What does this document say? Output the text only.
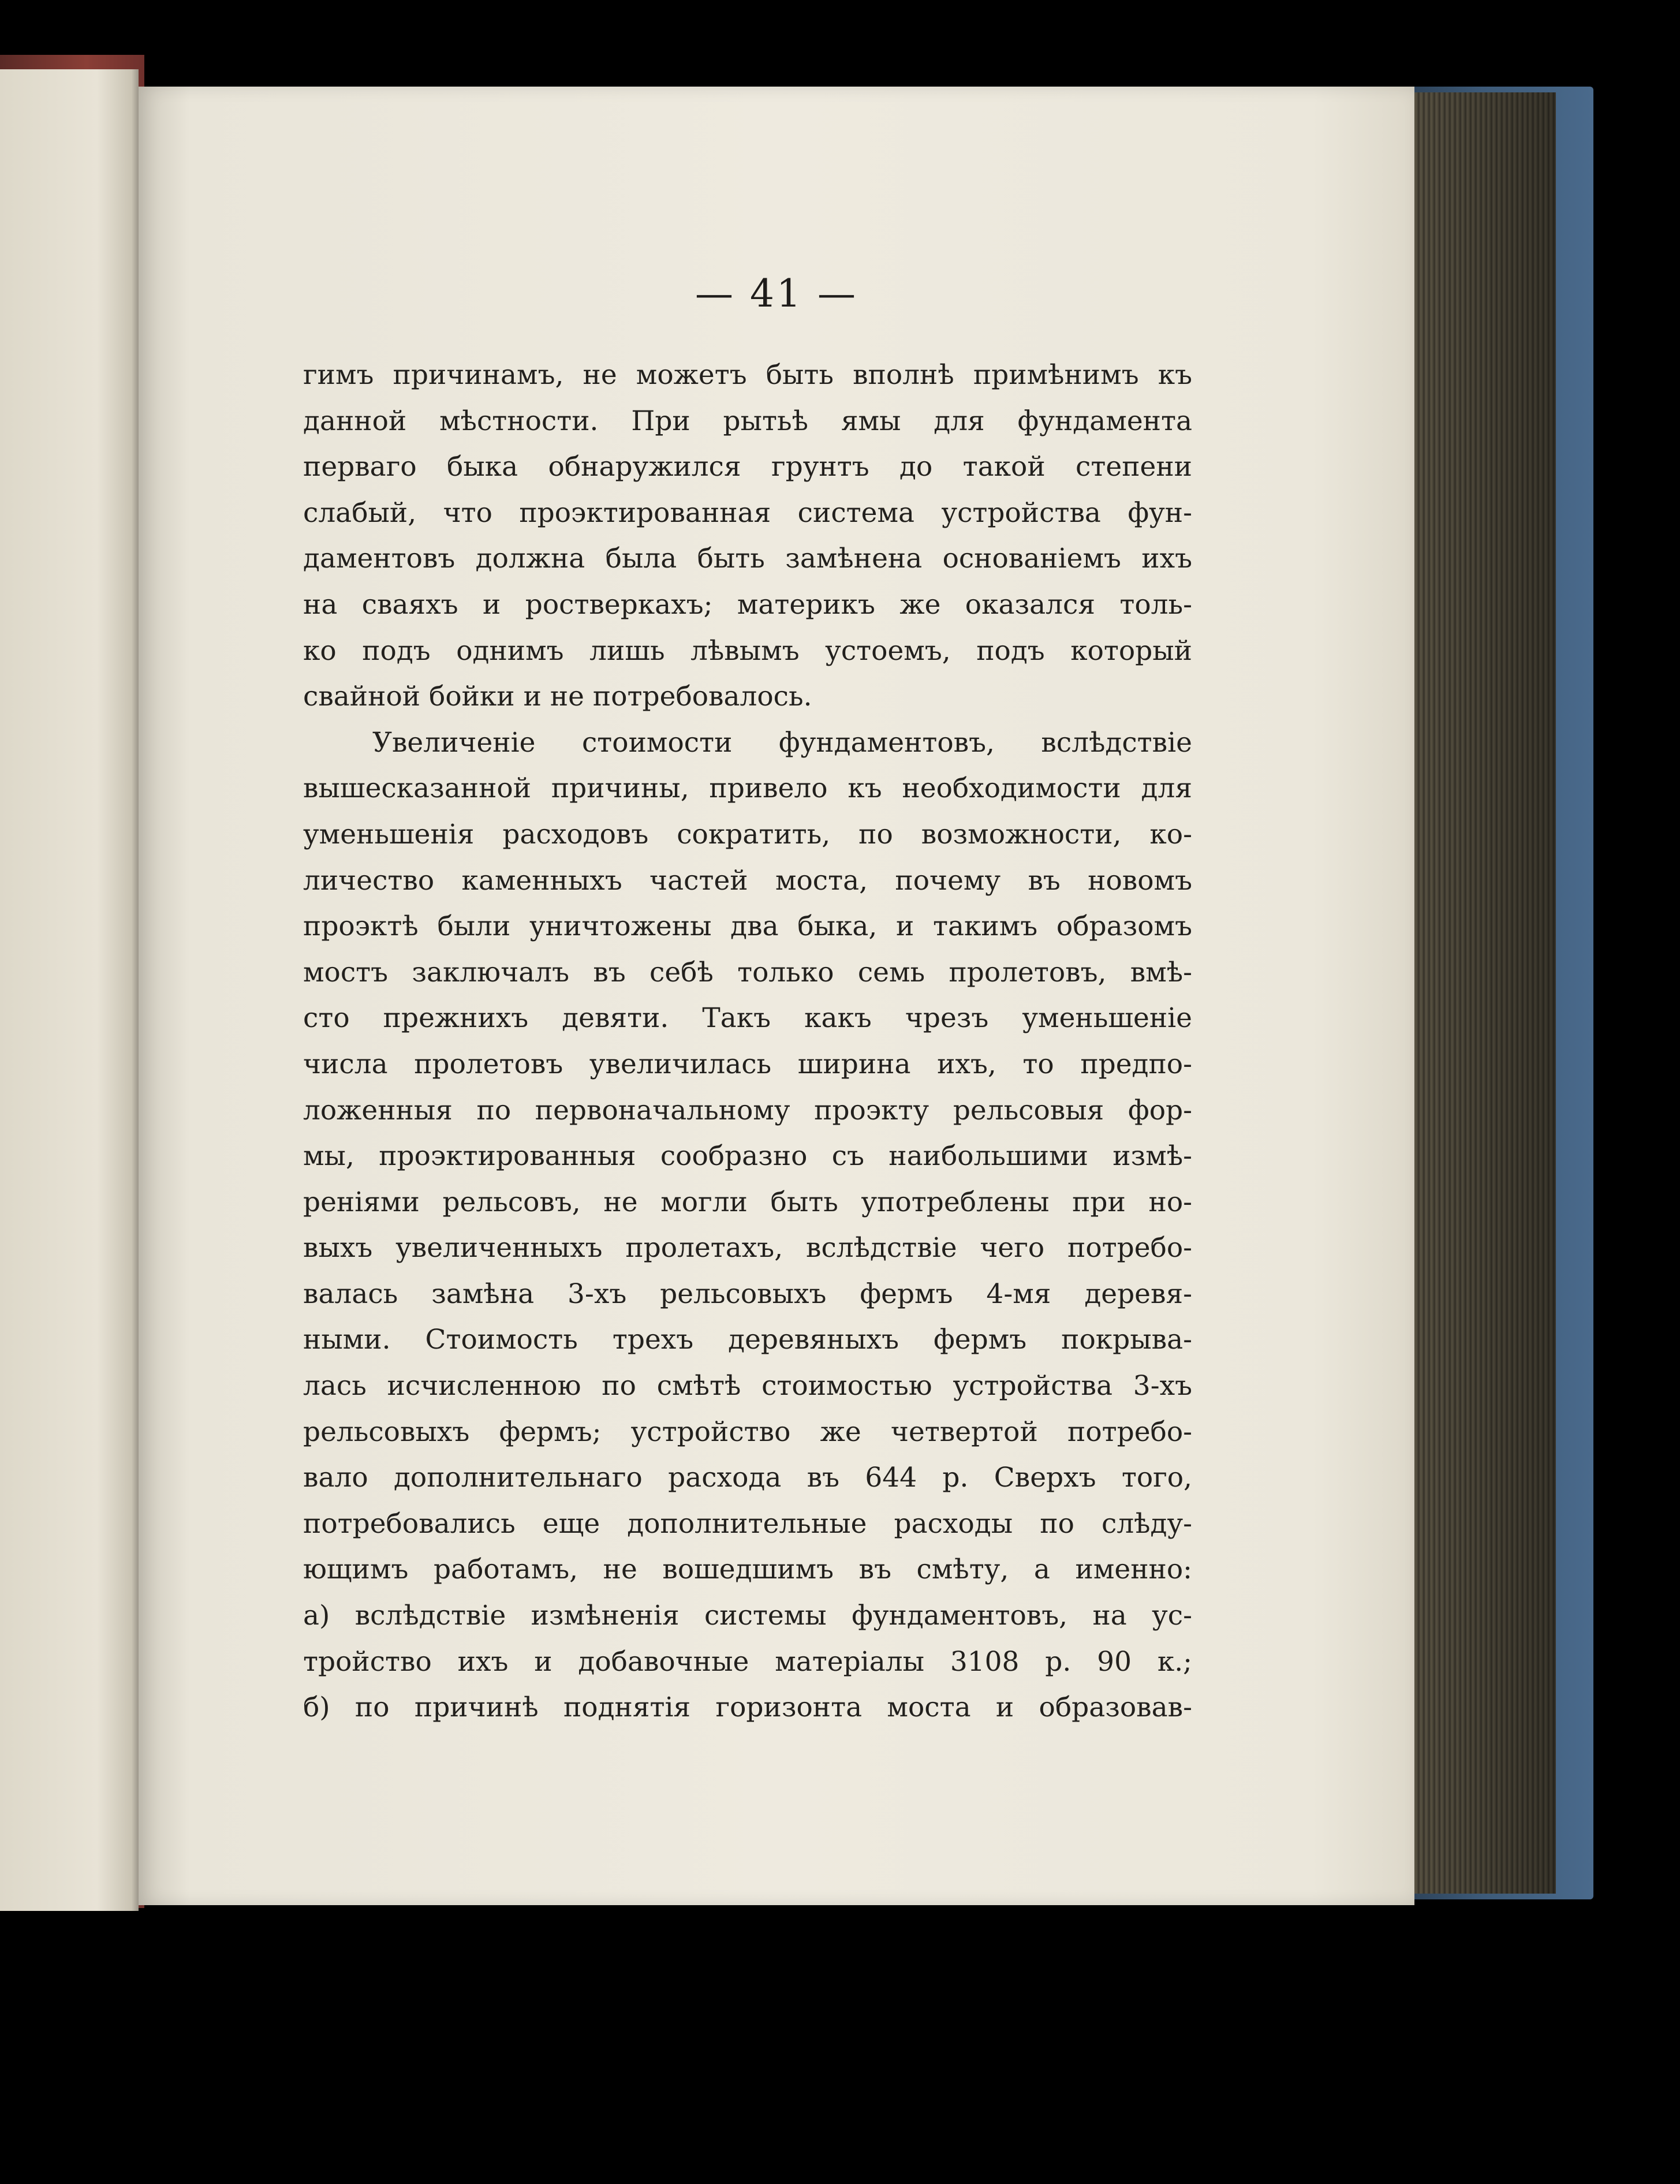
— 41 —
гимъ причинамъ, не можетъ быть вполнѣ примѣнимъ къ
данной мѣстности. При рытьѣ ямы для фундамента
перваго быка обнаружился грунтъ до такой степени
слабый, что проэктированная система устройства фун-
даментовъ должна была быть замѣнена основаніемъ ихъ
на сваяхъ и ростверкахъ; материкъ же оказался толь-
ко подъ однимъ лишь лѣвымъ устоемъ, подъ который
свайной бойки и не потребовалось.
Увеличеніе стоимости фундаментовъ, вслѣдствіе
вышесказанной причины, привело къ необходимости для
уменьшенія расходовъ сократить, по возможности, ко-
личество каменныхъ частей моста, почему въ новомъ
проэктѣ были уничтожены два быка, и такимъ образомъ
мостъ заключалъ въ себѣ только семь пролетовъ, вмѣ-
сто прежнихъ девяти. Такъ какъ чрезъ уменьшеніе
числа пролетовъ увеличилась ширина ихъ, то предпо-
ложенныя по первоначальному проэкту рельсовыя фор-
мы, проэктированныя сообразно съ наибольшими измѣ-
реніями рельсовъ, не могли быть употреблены при но-
выхъ увеличенныхъ пролетахъ, вслѣдствіе чего потребо-
валась замѣна 3-хъ рельсовыхъ фермъ 4-мя деревя-
ными. Стоимость трехъ деревяныхъ фермъ покрыва-
лась исчисленною по смѣтѣ стоимостью устройства 3-хъ
рельсовыхъ фермъ; устройство же четвертой потребо-
вало дополнительнаго расхода въ 644 р. Сверхъ того,
потребовались еще дополнительные расходы по слѣду-
ющимъ работамъ, не вошедшимъ въ смѣту, а именно:
а) вслѣдствіе измѣненія системы фундаментовъ, на ус-
тройство ихъ и добавочные матеріалы 3108 р. 90 к.;
б) по причинѣ поднятія горизонта моста и образовав-
